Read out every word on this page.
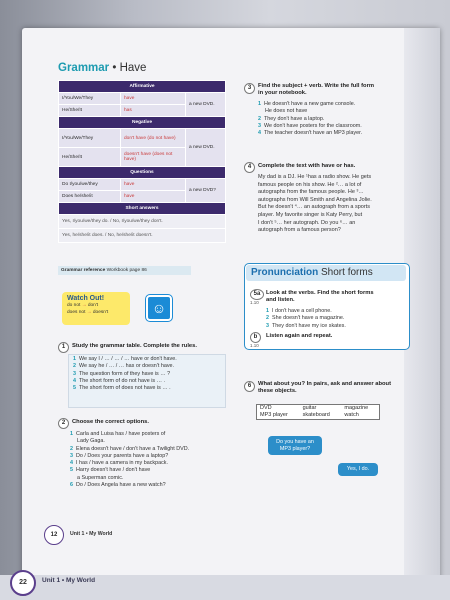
Grammar • Have
Affirmative		
I/You/We/They	have	a new DVD.
He/She/It	has	
Negative		
I/You/We/They	don't have (do not have)	a new DVD.
He/She/It	doesn't have (does not have)	
Questions		
Do I/you/we/they	have	a new DVD?
Does he/she/it	have	
Short answers		
Yes, I/you/we/they do. / No, I/you/we/they don't.		
Yes, he/she/it does. / No, he/she/it doesn't.		
Grammar reference Workbook page 86
Watch Out!
do not → don't
does not → doesn't	☺
1	Study the grammar table. Complete the rules.
1 We say I / … / … / … have or don't have.
2 We say he / … / … has or doesn't have.
3 The question form of they have is … ?
4 The short form of do not have is … .
5 The short form of does not have is … .
2	Choose the correct options.
1 Carla and Luisa has / have posters of
Lady Gaga.
2 Elena doesn't have / don't have a Twilight DVD.
3 Do / Does your parents have a laptop?
4 I has / have a camera in my backpack.
5 Harry doesn't have / don't have
a Superman comic.
6 Do / Does Angela have a new watch?
3	Find the subject + verb. Write the full form
in your notebook.
1 He doesn't have a new game console.
He does not have
2 They don't have a laptop.
3 We don't have posters for the classroom.
4 The teacher doesn't have an MP3 player.
4	Complete the text with have or has.
My dad is a DJ. He ¹has a radio show. He gets
famous people on his show. He ²… a lot of
autographs from the famous people. He ³…
autographs from Will Smith and Angelina Jolie.
But he doesn't ⁴… an autograph from a sports
player. My favorite singer is Katy Perry, but
I don't ⁵… her autograph. Do you ⁶… an
autograph from a famous person?
Pronunciation Short forms
5a
1.10
Look at the verbs. Find the short forms
and listen.
1 I don't have a cell phone.
2 She doesn't have a magazine.
3 They don't have my ice skates.
b
1.10
Listen again and repeat.
6	What about you? In pairs, ask and answer about
these objects.
DVD	guitar	magazine
MP3 player	skateboard	watch
Do you have an MP3 player?
Yes, I do.
12	Unit 1 • My World
22	Unit 1 • My World
